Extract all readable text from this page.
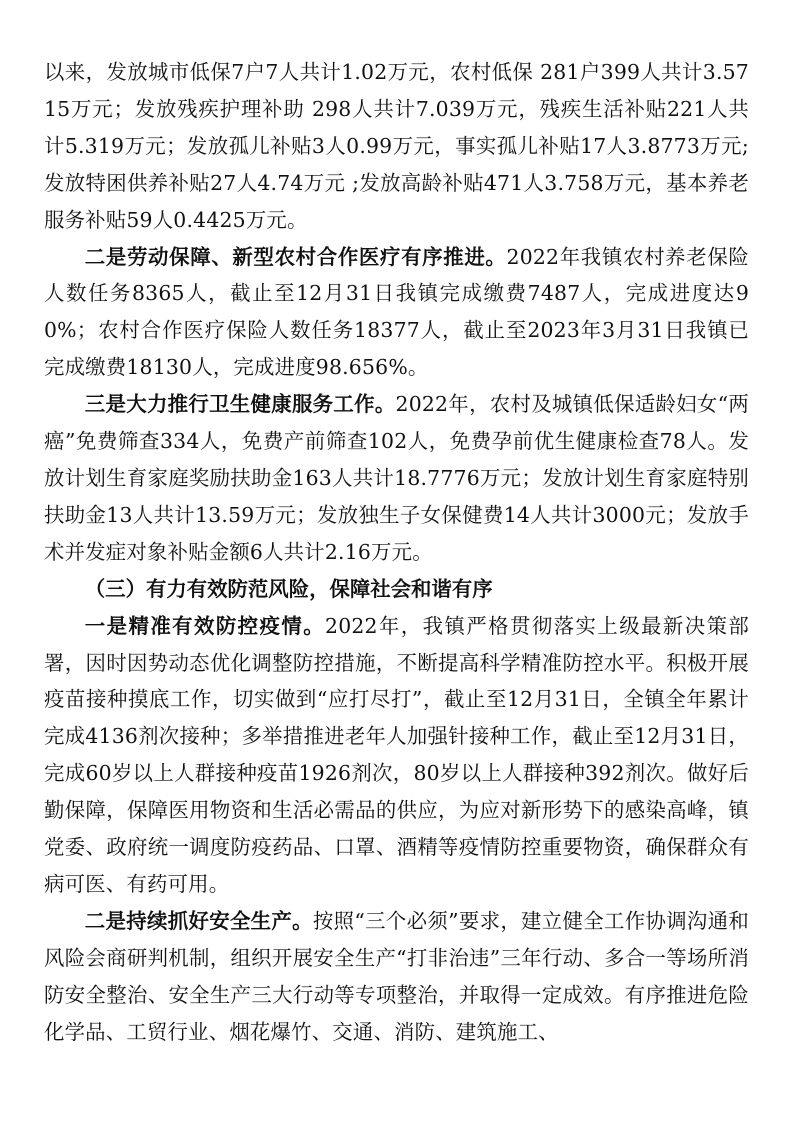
以来，发放城市低保7户7人共计1.02万元，农村低保 281户399人共计3.5715万元；发放残疾护理补助 298人共计7.039万元，残疾生活补贴221人共计5.319万元；发放孤儿补贴3人0.99万元，事实孤儿补贴17人3.8773万元;发放特困供养补贴27人4.74万元 ;发放高龄补贴471人3.758万元，基本养老服务补贴59人0.4425万元。

二是劳动保障、新型农村合作医疗有序推进。2022年我镇农村养老保险人数任务8365人，截止至12月31日我镇完成缴费7487人，完成进度达90%；农村合作医疗保险人数任务18377人，截止至2023年3月31日我镇已完成缴费18130人，完成进度98.656%。

三是大力推行卫生健康服务工作。2022年，农村及城镇低保适龄妇女“两癌”免费筛查334人，免费产前筛查102人，免费孕前优生健康检查78人。发放计划生育家庭奖励扶助金163人共计18.7776万元；发放计划生育家庭特别扶助金13人共计13.59万元；发放独生子女保健费14人共计3000元；发放手术并发症对象补贴金额6人共计2.16万元。

（三）有力有效防范风险，保障社会和谐有序

一是精准有效防控疫情。2022年，我镇严格贯彻落实上级最新决策部署，因时因势动态优化调整防控措施，不断提高科学精准防控水平。积极开展疫苗接种摸底工作，切实做到“应打尽打”，截止至12月31日，全镇全年累计完成4136剂次接种；多举措推进老年人加强针接种工作，截止至12月31日，完成60岁以上人群接种疫苗1926剂次，80岁以上人群接种392剂次。做好后勤保障，保障医用物资和生活必需品的供应，为应对新形势下的感染高峰，镇党委、政府统一调度防疫药品、口罩、酒精等疫情防控重要物资，确保群众有病可医、有药可用。

二是持续抓好安全生产。按照“三个必须”要求，建立健全工作协调沟通和风险会商研判机制，组织开展安全生产“打非治违”三年行动、多合一等场所消防安全整治、安全生产三大行动等专项整治，并取得一定成效。有序推进危险化学品、工贸行业、烟花爆竹、交通、消防、建筑施工、
